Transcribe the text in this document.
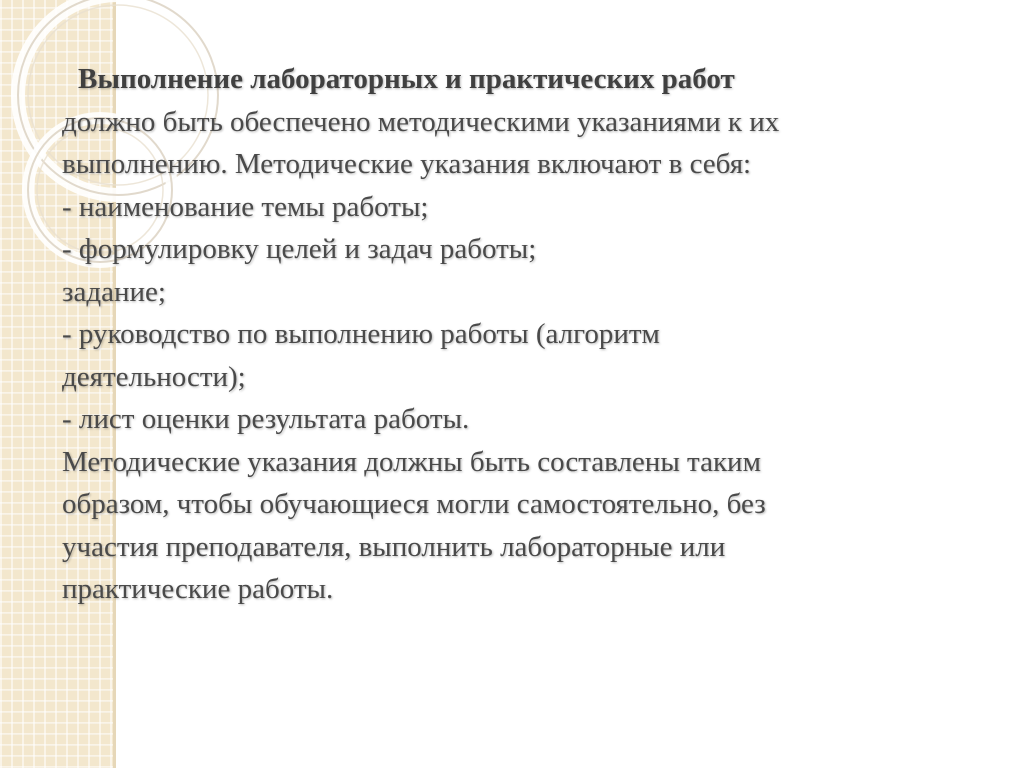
Выполнение лабораторных и практических работ
должно быть обеспечено методическими указаниями к их
выполнению. Методические указания включают в себя:
- наименование темы работы;
- формулировку целей и задач работы;
задание;
- руководство по выполнению работы (алгоритм
деятельности);
- лист оценки результата работы.
Методические указания должны быть составлены таким
образом, чтобы обучающиеся могли самостоятельно, без
участия преподавателя, выполнить лабораторные или
практические работы.
